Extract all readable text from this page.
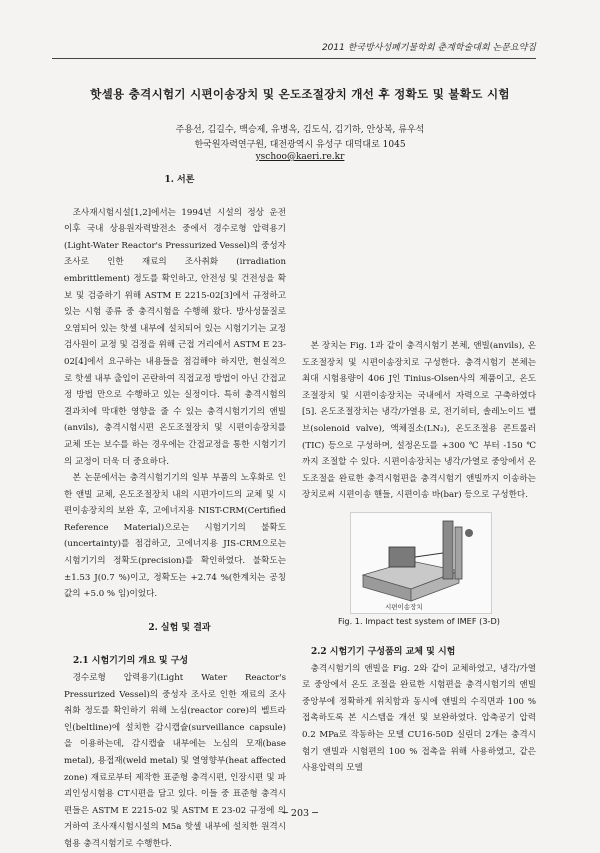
2011 한국방사성폐기물학회 춘계학술대회 논문요약집
핫셀용 충격시험기 시편이송장치 및 온도조절장치 개선 후 정확도 및 불확도 시험
주용선, 김길수, 백승제, 유병옥, 김도식, 김기하, 안상복, 류우석
한국원자력연구원, 대전광역시 유성구 대덕대로 1045
yschoo@kaeri.re.kr

1. 서론

조사재시험시설[1,2]에서는 1994년 시설의 정상 운전 이후 국내 상용원자력발전소 중에서 경수로형 압력용기(Light-Water Reactor's Pressurized Vessel)의 중성자 조사로 인한 재료의 조사취화 (irradiation embrittlement) 정도를 확인하고, 안전성 및 건전성을 확보 및 검증하기 위해 ASTM E 2215-02[3]에서 규정하고 있는 시험 종류 중 충격시험을 수행해 왔다. 방사성물질로 오염되어 있는 핫셀 내부에 설치되어 있는 시험기기는 교정 검사원이 교정 및 검정을 위해 근접 거리에서 ASTM E 23-02[4]에서 요구하는 내용들을 점검해야 하지만, 현실적으로 핫셀 내부 출입이 곤란하여 직접교정 방법이 아닌 간접교정 방법 만으로 수행하고 있는 실정이다. 특히 충격시험의 결과치에 막대한 영향을 줄 수 있는 충격시험기기의 앤빌(anvils), 충격시험시편 온도조절장치 및 시편이송장치를 교체 또는 보수를 하는 경우에는 간접교정을 통한 시험기기의 교정이 더욱 더 중요하다.

본 논문에서는 충격시험기기의 일부 부품의 노후화로 인한 앤빌 교체, 온도조절장치 내의 시편가이드의 교체 및 시편이송장치의 보완 후, 고에너지용 NIST-CRM(Certified Reference Material)으로는 시험기기의 불확도(uncertainty)를 점검하고, 고에너지용 JIS-CRM으로는 시험기기의 정확도(precision)를 확인하였다. 불확도는 ±1.53 J(0.7 %)이고, 정확도는 +2.74 %(한계치는 공칭값의 +5.0 % 임)이었다.

2. 실험 및 결과

2.1 시험기기의 개요 및 구성

경수로형 압력용기(Light Water Reactor's Pressurized Vessel)의 중성자 조사로 인한 재료의 조사취화 정도를 확인하기 위해 노심(reactor core)의 벨트라인(beltline)에 설치한 감시캡슐(surveillance capsule)을 이용하는데, 감시캡슐 내부에는 노심의 모재(base metal), 용접재(weld metal) 및 열영향부(heat affected zone) 재료로부터 제작한 표준형 충격시편, 인장시편 및 파괴인성시험용 CT시편을 담고 있다. 이들 중 표준형 충격시편들은 ASTM E 2215-02 및 ASTM E 23-02 규정에 의거하여 조사재시험시설의 M5a 핫셀 내부에 설치한 원격시험용 충격시험기로 수행한다.

본 장치는 Fig. 1과 같이 충격시험기 본체, 앤빌(anvils), 온도조절장치 및 시편이송장치로 구성한다. 충격시험기 본체는 최대 시험용량이 406 J인 Tinius-Olsen사의 제품이고, 온도조절장치 및 시편이송장치는 국내에서 자력으로 구축하였다[5]. 온도조절장치는 냉각/가열용 로, 전기히터, 솔레노이드 밸브(solenoid valve), 액체질소(LN₂), 온도조절용 콘트롤러(TIC) 등으로 구성하며, 설정온도를 +300 ℃ 부터 -150 ℃ 까지 조절할 수 있다. 시편이송장치는 냉각/가열로 중앙에서 온도조절을 완료한 충격시험편을 충격시험기 앤빌까지 이송하는 장치로써 시편이송 핸들, 시편이송 바(bar) 등으로 구성한다.

시편이송장치
Fig. 1. Impact test system of IMEF (3-D)

2.2 시험기기 구성품의 교체 및 시험

충격시험기의 앤빌을 Fig. 2와 같이 교체하였고, 냉각/가열로 중앙에서 온도 조절을 완료한 시험편을 충격시험기의 앤빌 중앙부에 정확하게 위치함과 동시에 앤빌의 수직면과 100 % 접촉하도록 본 시스템을 개선 및 보완하였다. 압축공기 압력 0.2 MPa로 작동하는 모델 CU16-50D 실린더 2개는 충격시험기 앤빌과 시험편의 100 % 접촉을 위해 사용하였고, 같은 사용압력의 모델

─ 203 ─
